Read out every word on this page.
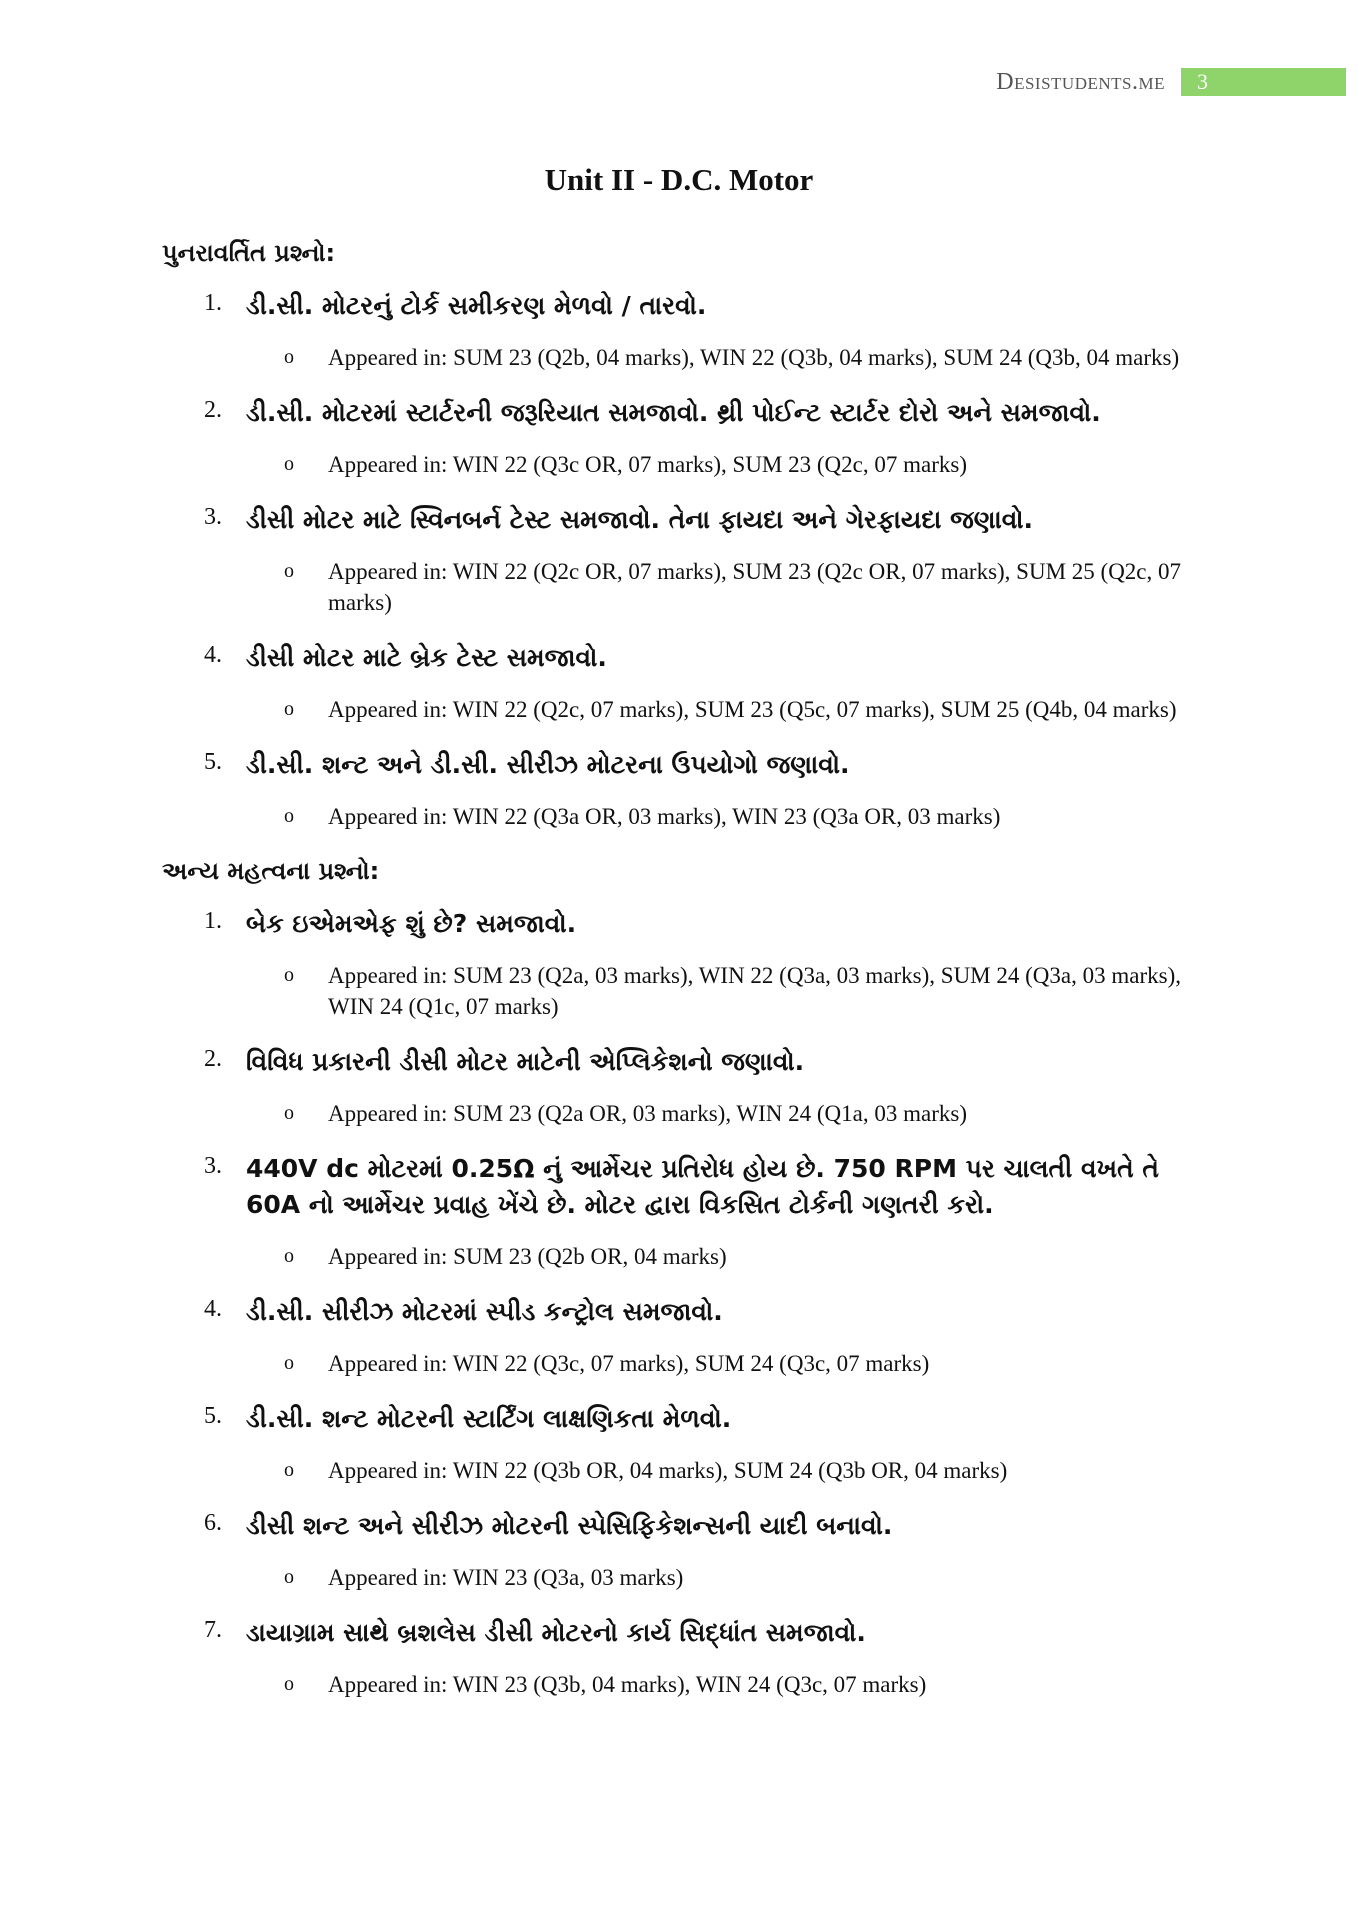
Desistudents.me	3
Unit II - D.C. Motor
પુનરાવર્તિત પ્રશ્નો:
1. ડી.સી. મોટરનું ટોર્ક સમીકરણ મેળવો / તારવો.
o Appeared in: SUM 23 (Q2b, 04 marks), WIN 22 (Q3b, 04 marks), SUM 24 (Q3b, 04 marks)
2. ડી.સી. મોટરમાં સ્ટાર્ટરની જરૂરિયાત સમજાવો. થ્રી પોઈન્ટ સ્ટાર્ટર દોરો અને સમજાવો.
o Appeared in: WIN 22 (Q3c OR, 07 marks), SUM 23 (Q2c, 07 marks)
3. ડીસી મોટર માટે સ્વિનબર્ન ટેસ્ટ સમજાવો. તેના ફાયદા અને ગેરફાયદા જણાવો.
o Appeared in: WIN 22 (Q2c OR, 07 marks), SUM 23 (Q2c OR, 07 marks), SUM 25 (Q2c, 07 marks)
4. ડીસી મોટર માટે બ્રેક ટેસ્ટ સમજાવો.
o Appeared in: WIN 22 (Q2c, 07 marks), SUM 23 (Q5c, 07 marks), SUM 25 (Q4b, 04 marks)
5. ડી.સી. શન્ટ અને ડી.સી. સીરીઝ મોટરના ઉપયોગો જણાવો.
o Appeared in: WIN 22 (Q3a OR, 03 marks), WIN 23 (Q3a OR, 03 marks)
અન્ય મહત્વના પ્રશ્નો:
1. બેક ઇએમએફ શું છે? સમજાવો.
o Appeared in: SUM 23 (Q2a, 03 marks), WIN 22 (Q3a, 03 marks), SUM 24 (Q3a, 03 marks), WIN 24 (Q1c, 07 marks)
2. વિવિધ પ્રકારની ડીસી મોટર માટેની એપ્લિકેશનો જણાવો.
o Appeared in: SUM 23 (Q2a OR, 03 marks), WIN 24 (Q1a, 03 marks)
3. 440V dc મોટરમાં 0.25Ω નું આર્મેચર પ્રતિરોધ હોય છે. 750 RPM પર ચાલતી વખતે તે 60A નો આર્મેચર પ્રવાહ ખેંચે છે. મોટર દ્વારા વિકસિત ટોર્કની ગણતરી કરો.
o Appeared in: SUM 23 (Q2b OR, 04 marks)
4. ડી.સી. સીરીઝ મોટરમાં સ્પીડ કન્ટ્રોલ સમજાવો.
o Appeared in: WIN 22 (Q3c, 07 marks), SUM 24 (Q3c, 07 marks)
5. ડી.સી. શન્ટ મોટરની સ્ટાર્ટિંગ લાક્ષણિકતા મેળવો.
o Appeared in: WIN 22 (Q3b OR, 04 marks), SUM 24 (Q3b OR, 04 marks)
6. ડીસી શન્ટ અને સીરીઝ મોટરની સ્પેસિફિકેશન્સની યાદી બનાવો.
o Appeared in: WIN 23 (Q3a, 03 marks)
7. ડાયાગ્રામ સાથે બ્રશલેસ ડીસી મોટરનો કાર્ય સિદ્ધાંત સમજાવો.
o Appeared in: WIN 23 (Q3b, 04 marks), WIN 24 (Q3c, 07 marks)
